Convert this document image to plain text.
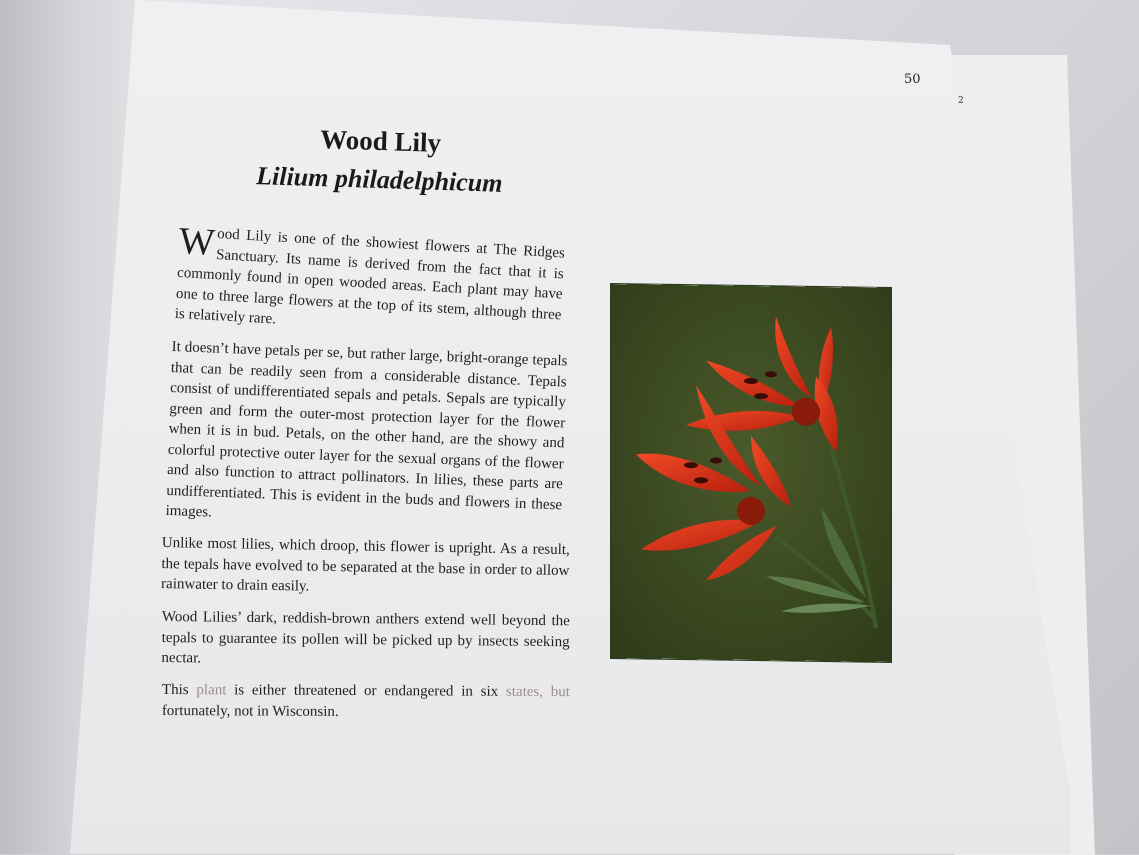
50
2
Wood Lily
Lilium philadelphicum

Wood Lily is one of the showiest flowers at The Ridges Sanctuary. Its name is derived from the fact that it is commonly found in open wooded areas. Each plant may have one to three large flowers at the top of its stem, although three is relatively rare.

It doesn’t have petals per se, but rather large, bright-orange tepals that can be readily seen from a considerable distance. Tepals consist of undifferentiated sepals and petals. Sepals are typically green and form the outer-most protection layer for the flower when it is in bud. Petals, on the other hand, are the showy and colorful protective outer layer for the sexual organs of the flower and also function to attract pollinators. In lilies, these parts are undifferentiated. This is evident in the buds and flowers in these images.

Unlike most lilies, which droop, this flower is upright. As a result, the tepals have evolved to be separated at the base in order to allow rainwater to drain easily.

Wood Lilies’ dark, reddish-brown anthers extend well beyond the tepals to guarantee its pollen will be picked up by insects seeking nectar.

This plant is either threatened or endangered in six states, but fortunately, not in Wisconsin.
